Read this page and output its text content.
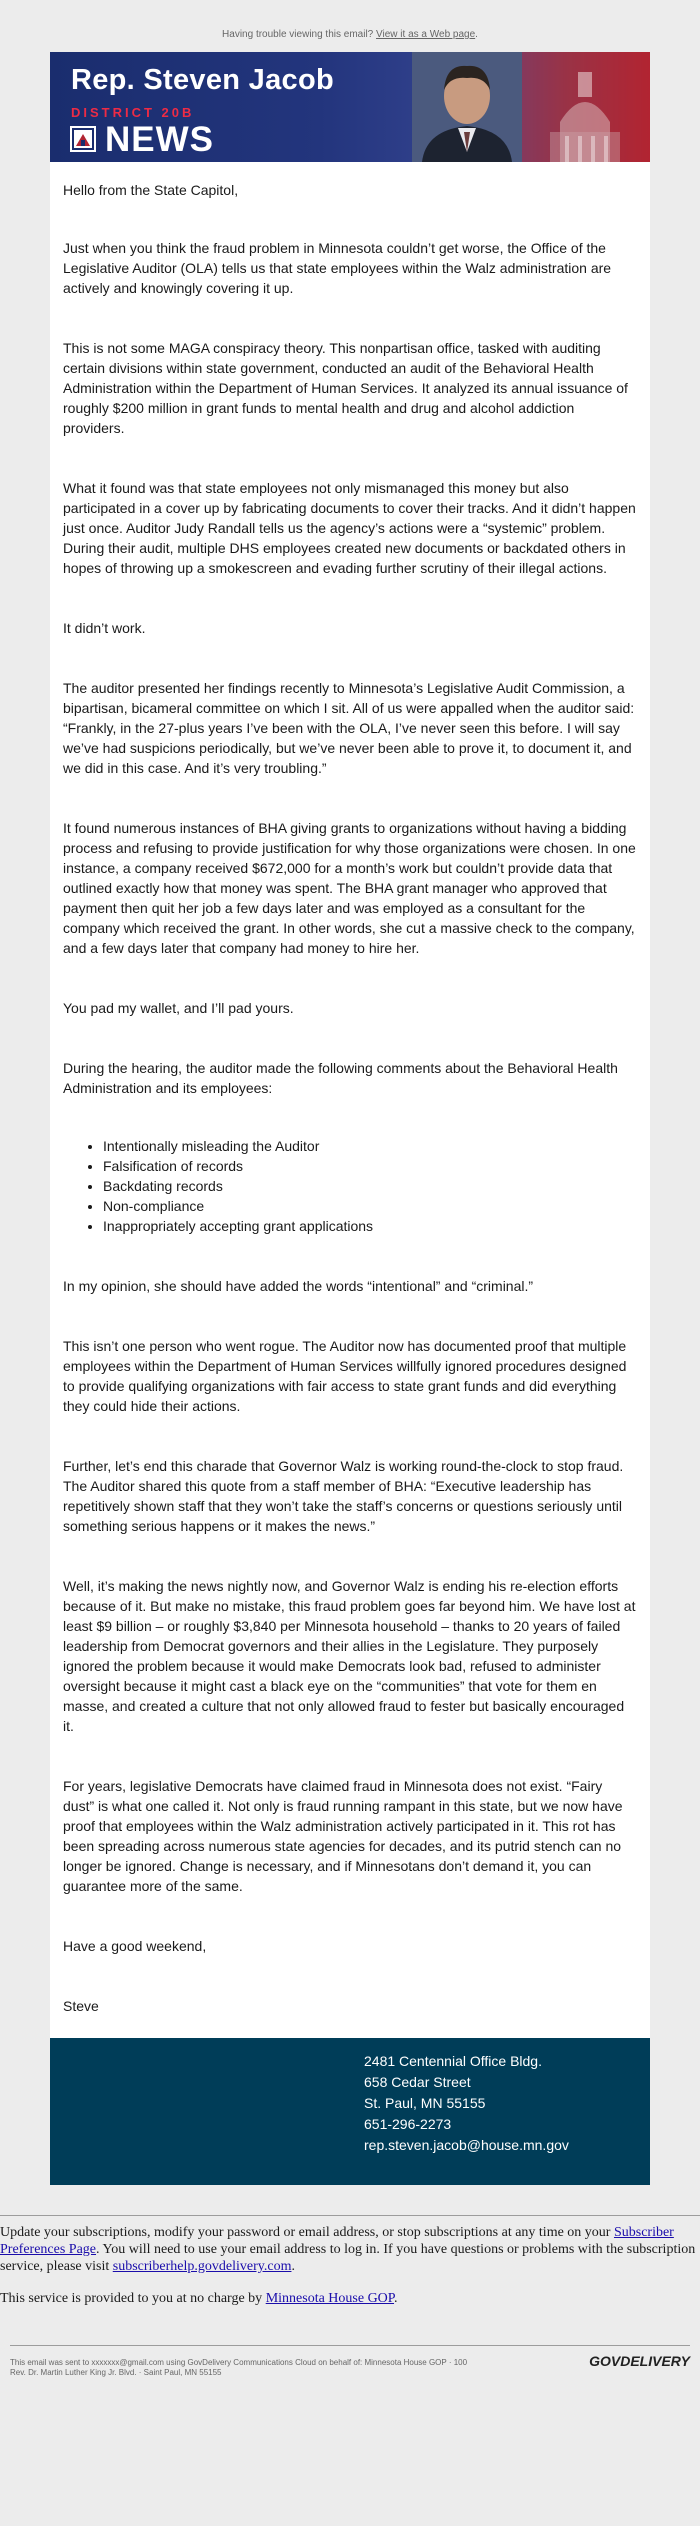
Having trouble viewing this email? View it as a Web page.
Rep. Steven Jacob
DISTRICT 20B
NEWS

Hello from the State Capitol,

Just when you think the fraud problem in Minnesota couldn’t get worse, the Office of the Legislative Auditor (OLA) tells us that state employees within the Walz administration are actively and knowingly covering it up.

This is not some MAGA conspiracy theory. This nonpartisan office, tasked with auditing certain divisions within state government, conducted an audit of the Behavioral Health Administration within the Department of Human Services. It analyzed its annual issuance of roughly $200 million in grant funds to mental health and drug and alcohol addiction providers.

What it found was that state employees not only mismanaged this money but also participated in a cover up by fabricating documents to cover their tracks. And it didn’t happen just once. Auditor Judy Randall tells us the agency’s actions were a “systemic” problem. During their audit, multiple DHS employees created new documents or backdated others in hopes of throwing up a smokescreen and evading further scrutiny of their illegal actions.

It didn’t work.

The auditor presented her findings recently to Minnesota’s Legislative Audit Commission, a bipartisan, bicameral committee on which I sit. All of us were appalled when the auditor said: “Frankly, in the 27-plus years I’ve been with the OLA, I’ve never seen this before. I will say we’ve had suspicions periodically, but we’ve never been able to prove it, to document it, and we did in this case. And it’s very troubling.”

It found numerous instances of BHA giving grants to organizations without having a bidding process and refusing to provide justification for why those organizations were chosen. In one instance, a company received $672,000 for a month’s work but couldn’t provide data that outlined exactly how that money was spent. The BHA grant manager who approved that payment then quit her job a few days later and was employed as a consultant for the company which received the grant. In other words, she cut a massive check to the company, and a few days later that company had money to hire her.

You pad my wallet, and I’ll pad yours.

During the hearing, the auditor made the following comments about the Behavioral Health Administration and its employees:

• Intentionally misleading the Auditor
• Falsification of records
• Backdating records
• Non-compliance
• Inappropriately accepting grant applications

In my opinion, she should have added the words “intentional” and “criminal.”

This isn’t one person who went rogue. The Auditor now has documented proof that multiple employees within the Department of Human Services willfully ignored procedures designed to provide qualifying organizations with fair access to state grant funds and did everything they could hide their actions.

Further, let’s end this charade that Governor Walz is working round-the-clock to stop fraud. The Auditor shared this quote from a staff member of BHA: “Executive leadership has repetitively shown staff that they won’t take the staff’s concerns or questions seriously until something serious happens or it makes the news.”

Well, it’s making the news nightly now, and Governor Walz is ending his re-election efforts because of it. But make no mistake, this fraud problem goes far beyond him. We have lost at least $9 billion – or roughly $3,840 per Minnesota household – thanks to 20 years of failed leadership from Democrat governors and their allies in the Legislature. They purposely ignored the problem because it would make Democrats look bad, refused to administer oversight because it might cast a black eye on the “communities” that vote for them en masse, and created a culture that not only allowed fraud to fester but basically encouraged it.

For years, legislative Democrats have claimed fraud in Minnesota does not exist. “Fairy dust” is what one called it. Not only is fraud running rampant in this state, but we now have proof that employees within the Walz administration actively participated in it. This rot has been spreading across numerous state agencies for decades, and its putrid stench can no longer be ignored. Change is necessary, and if Minnesotans don’t demand it, you can guarantee more of the same.

Have a good weekend,

Steve

2481 Centennial Office Bldg.
658 Cedar Street
St. Paul, MN 55155
651-296-2273
rep.steven.jacob@house.mn.gov

Update your subscriptions, modify your password or email address, or stop subscriptions at any time on your Subscriber Preferences Page. You will need to use your email address to log in. If you have questions or problems with the subscription service, please visit subscriberhelp.govdelivery.com.

This service is provided to you at no charge by Minnesota House GOP.

This email was sent to xxxxxxx@gmail.com using GovDelivery Communications Cloud on behalf of: Minnesota House GOP · 100
Rev. Dr. Martin Luther King Jr. Blvd. · Saint Paul, MN 55155
GOVDELIVERY
